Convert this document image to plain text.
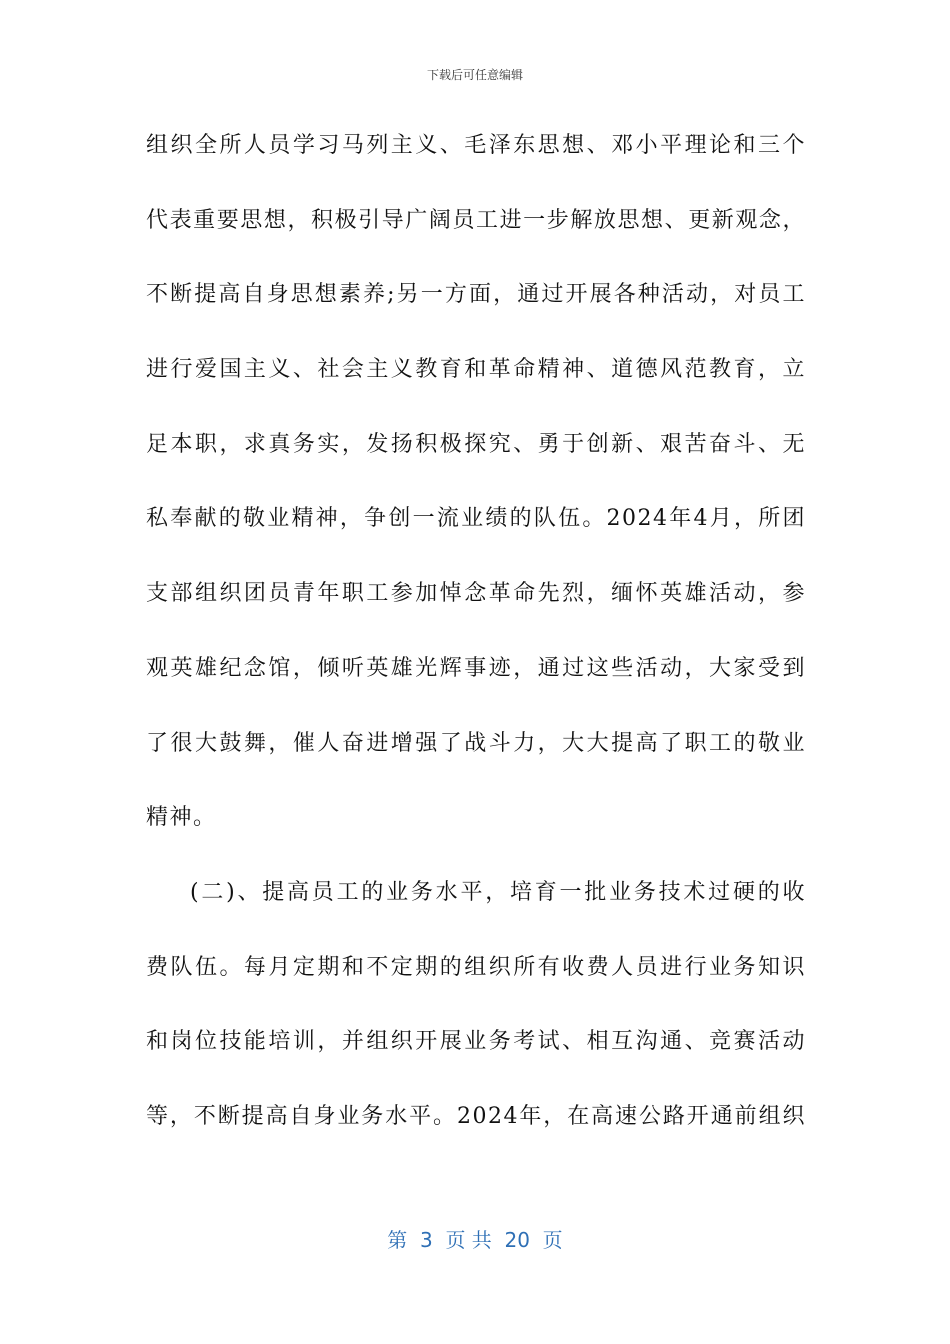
下载后可任意编辑
组织全所人员学习马列主义、毛泽东思想、邓小平理论和三个
代表重要思想，积极引导广阔员工进一步解放思想、更新观念，
不断提高自身思想素养;另一方面，通过开展各种活动，对员工
进行爱国主义、社会主义教育和革命精神、道德风范教育，立
足本职，求真务实，发扬积极探究、勇于创新、艰苦奋斗、无
私奉献的敬业精神，争创一流业绩的队伍。2024年4月，所团
支部组织团员青年职工参加悼念革命先烈，缅怀英雄活动，参
观英雄纪念馆，倾听英雄光辉事迹，通过这些活动，大家受到
了很大鼓舞，催人奋进增强了战斗力，大大提高了职工的敬业
精神。
(二)、提高员工的业务水平，培育一批业务技术过硬的收
费队伍。每月定期和不定期的组织所有收费人员进行业务知识
和岗位技能培训，并组织开展业务考试、相互沟通、竞赛活动
等，不断提高自身业务水平。2024年，在高速公路开通前组织
第  3  页 共  20  页
